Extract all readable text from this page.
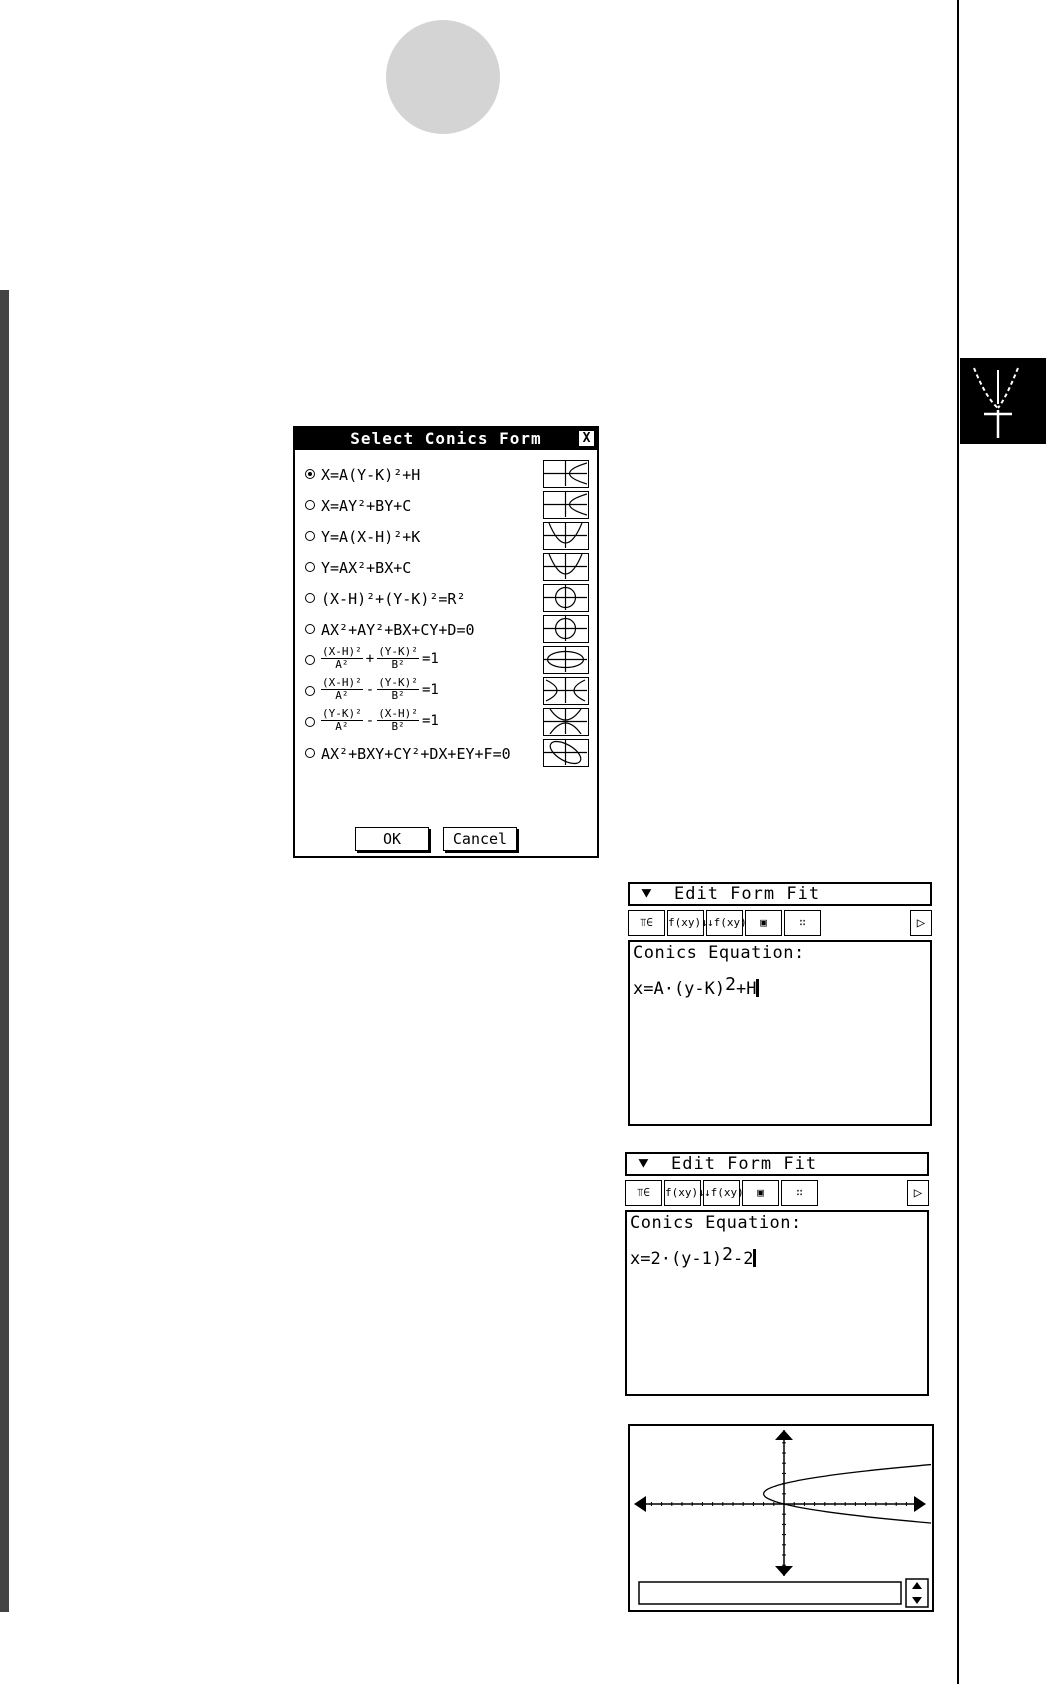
Select Conics Form	X
X=A(Y-K)²+H
X=AY²+BY+C
Y=A(X-H)²+K
Y=AX²+BX+C
(X-H)²+(Y-K)²=R²
AX²+AY²+BX+CY+D=0
$\frac{\text{(X-H)²}}{\text{A²}} + \frac{\text{(Y-K)²}}{\text{B²}} =1$
$\frac{\text{(X-H)²}}{\text{A²}} - \frac{\text{(Y-K)²}}{\text{B²}} =1$
$\frac{\text{(Y-K)²}}{\text{A²}} - \frac{\text{(X-H)²}}{\text{B²}} =1$
AX²+BXY+CY²+DX+EY+F=0
OK	Cancel
⯆ Edit Form Fit
⫪∈	f(xy)↓ ↓f(xy)	▣	∷	▷
Conics Equation:
$x=A\cdot(y-K)^2+H$
⯆ Edit Form Fit
⫪∈	f(xy)↓ ↓f(xy)	▣	∷	▷
Conics Equation:
$x=2\cdot(y-1)^2-2$
